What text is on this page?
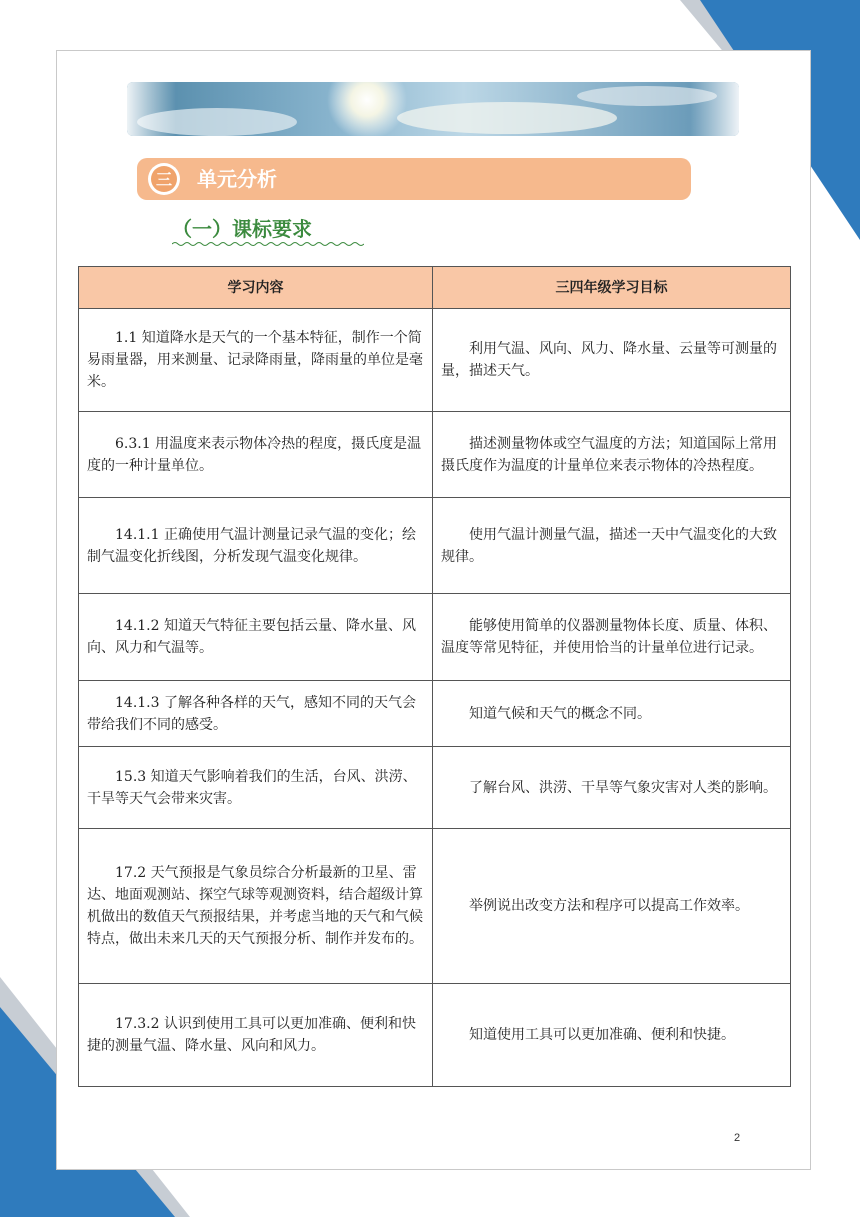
三 单元分析
（一）课标要求
学习内容	三四年级学习目标

1.1 知道降水是天气的一个基本特征，制作一个简易雨量器，用来测量、记录降雨量，降雨量的单位是毫米。	利用气温、风向、风力、降水量、云量等可测量的量，描述天气。

6.3.1 用温度来表示物体冷热的程度，摄氏度是温度的一种计量单位。	描述测量物体或空气温度的方法；知道国际上常用摄氏度作为温度的计量单位来表示物体的冷热程度。

14.1.1 正确使用气温计测量记录气温的变化；绘制气温变化折线图，分析发现气温变化规律。	使用气温计测量气温，描述一天中气温变化的大致规律。

14.1.2 知道天气特征主要包括云量、降水量、风向、风力和气温等。	能够使用简单的仪器测量物体长度、质量、体积、温度等常见特征，并使用恰当的计量单位进行记录。

14.1.3 了解各种各样的天气，感知不同的天气会带给我们不同的感受。	知道气候和天气的概念不同。

15.3 知道天气影响着我们的生活，台风、洪涝、干旱等天气会带来灾害。	了解台风、洪涝、干旱等气象灾害对人类的影响。

17.2 天气预报是气象员综合分析最新的卫星、雷达、地面观测站、探空气球等观测资料，结合超级计算机做出的数值天气预报结果，并考虑当地的天气和气候特点，做出未来几天的天气预报分析、制作并发布的。	举例说出改变方法和程序可以提高工作效率。

17.3.2 认识到使用工具可以更加准确、便利和快捷的测量气温、降水量、风向和风力。	知道使用工具可以更加准确、便利和快捷。
2
